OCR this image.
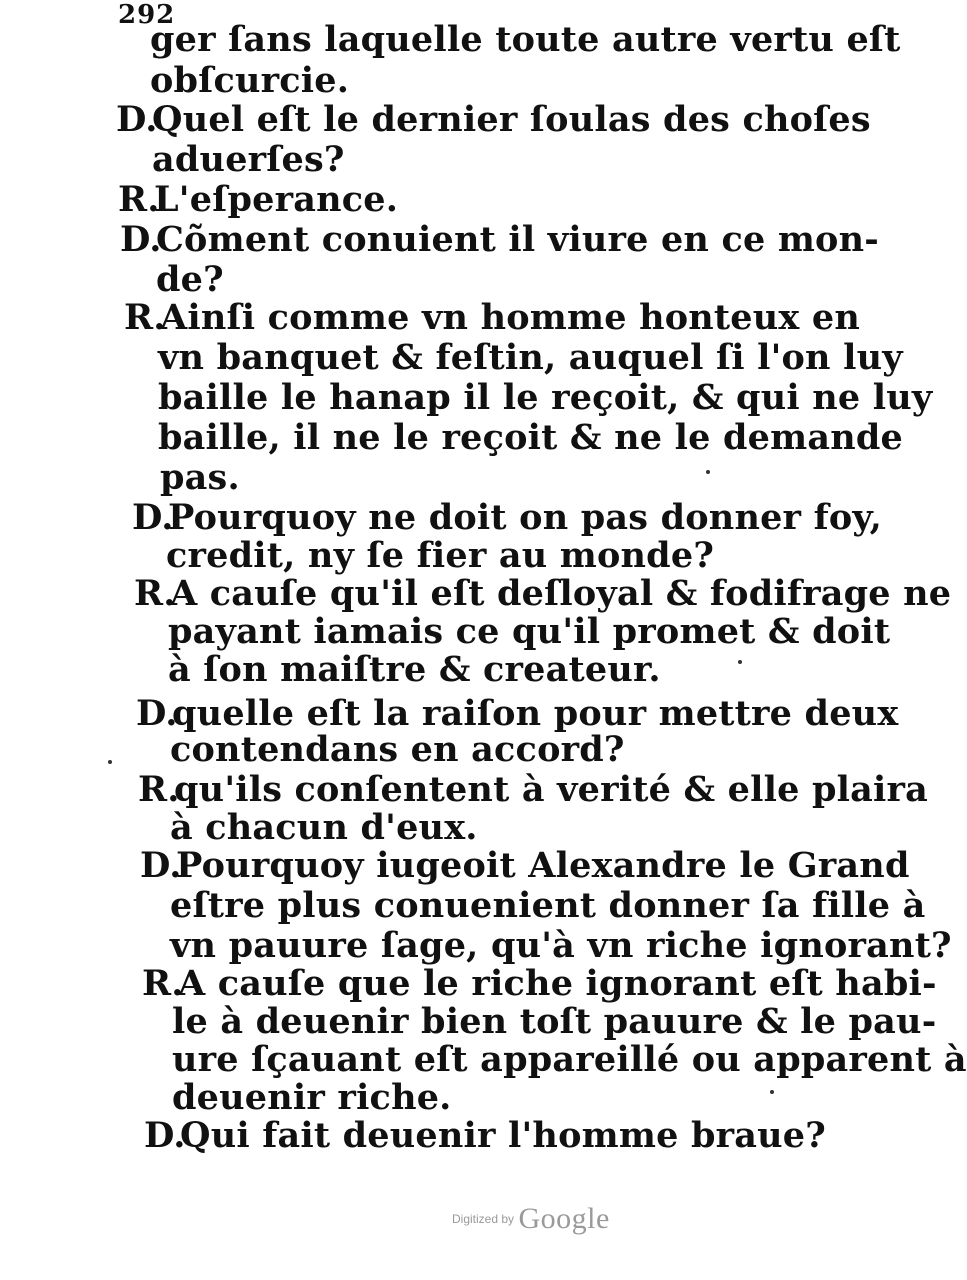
292
ger ſans laquelle toute autre vertu eſt
obſcurcie.
D.Quel eſt le dernier ſoulas des choſes
aduerſes?
R.L'eſperance.
D.Cõment conuient il viure en ce mon-
de?
R.Ainſi comme vn homme honteux en
vn banquet & feſtin, auquel ſi l'on luy
baille le hanap il le reçoit, & qui ne luy
baille, il ne le reçoit & ne le demande
pas.
D.Pourquoy ne doit on pas donner foy,
credit, ny ſe fier au monde?
R.A cauſe qu'il eſt deſloyal & fodifrage ne
payant iamais ce qu'il promet & doit
à ſon maiſtre & createur.
D.quelle eſt la raiſon pour mettre deux
contendans en accord?
R.qu'ils conſentent à verité & elle plaira
à chacun d'eux.
D.Pourquoy iugeoit Alexandre le Grand
eſtre plus conuenient donner ſa fille à
vn pauure ſage, qu'à vn riche ignorant?
R.A cauſe que le riche ignorant eſt habi-
le à deuenir bien toſt pauure & le pau-
ure ſçauant eſt appareillé ou apparent à
deuenir riche.
D.Qui fait deuenir l'homme braue?
Digitized by Google
